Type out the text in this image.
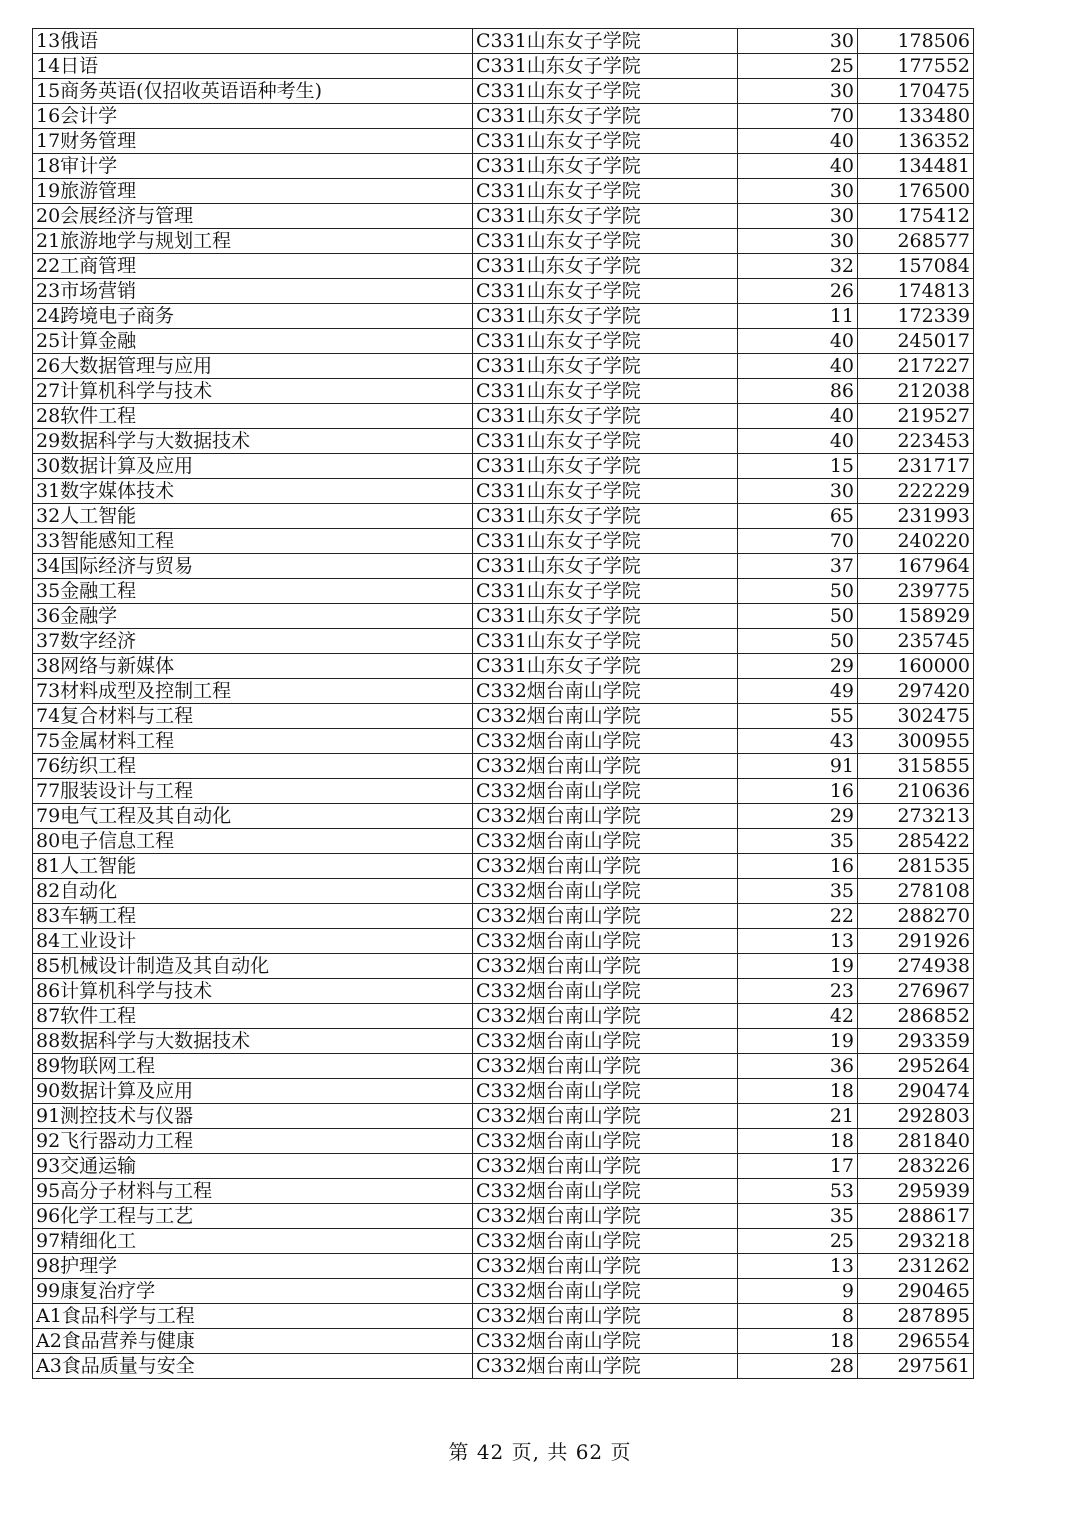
13俄语	C331山东女子学院	30	178506
14日语	C331山东女子学院	25	177552
15商务英语(仅招收英语语种考生)	C331山东女子学院	30	170475
16会计学	C331山东女子学院	70	133480
17财务管理	C331山东女子学院	40	136352
18审计学	C331山东女子学院	40	134481
19旅游管理	C331山东女子学院	30	176500
20会展经济与管理	C331山东女子学院	30	175412
21旅游地学与规划工程	C331山东女子学院	30	268577
22工商管理	C331山东女子学院	32	157084
23市场营销	C331山东女子学院	26	174813
24跨境电子商务	C331山东女子学院	11	172339
25计算金融	C331山东女子学院	40	245017
26大数据管理与应用	C331山东女子学院	40	217227
27计算机科学与技术	C331山东女子学院	86	212038
28软件工程	C331山东女子学院	40	219527
29数据科学与大数据技术	C331山东女子学院	40	223453
30数据计算及应用	C331山东女子学院	15	231717
31数字媒体技术	C331山东女子学院	30	222229
32人工智能	C331山东女子学院	65	231993
33智能感知工程	C331山东女子学院	70	240220
34国际经济与贸易	C331山东女子学院	37	167964
35金融工程	C331山东女子学院	50	239775
36金融学	C331山东女子学院	50	158929
37数字经济	C331山东女子学院	50	235745
38网络与新媒体	C331山东女子学院	29	160000
73材料成型及控制工程	C332烟台南山学院	49	297420
74复合材料与工程	C332烟台南山学院	55	302475
75金属材料工程	C332烟台南山学院	43	300955
76纺织工程	C332烟台南山学院	91	315855
77服装设计与工程	C332烟台南山学院	16	210636
79电气工程及其自动化	C332烟台南山学院	29	273213
80电子信息工程	C332烟台南山学院	35	285422
81人工智能	C332烟台南山学院	16	281535
82自动化	C332烟台南山学院	35	278108
83车辆工程	C332烟台南山学院	22	288270
84工业设计	C332烟台南山学院	13	291926
85机械设计制造及其自动化	C332烟台南山学院	19	274938
86计算机科学与技术	C332烟台南山学院	23	276967
87软件工程	C332烟台南山学院	42	286852
88数据科学与大数据技术	C332烟台南山学院	19	293359
89物联网工程	C332烟台南山学院	36	295264
90数据计算及应用	C332烟台南山学院	18	290474
91测控技术与仪器	C332烟台南山学院	21	292803
92飞行器动力工程	C332烟台南山学院	18	281840
93交通运输	C332烟台南山学院	17	283226
95高分子材料与工程	C332烟台南山学院	53	295939
96化学工程与工艺	C332烟台南山学院	35	288617
97精细化工	C332烟台南山学院	25	293218
98护理学	C332烟台南山学院	13	231262
99康复治疗学	C332烟台南山学院	9	290465
A1食品科学与工程	C332烟台南山学院	8	287895
A2食品营养与健康	C332烟台南山学院	18	296554
A3食品质量与安全	C332烟台南山学院	28	297561
第 42 页, 共 62 页
